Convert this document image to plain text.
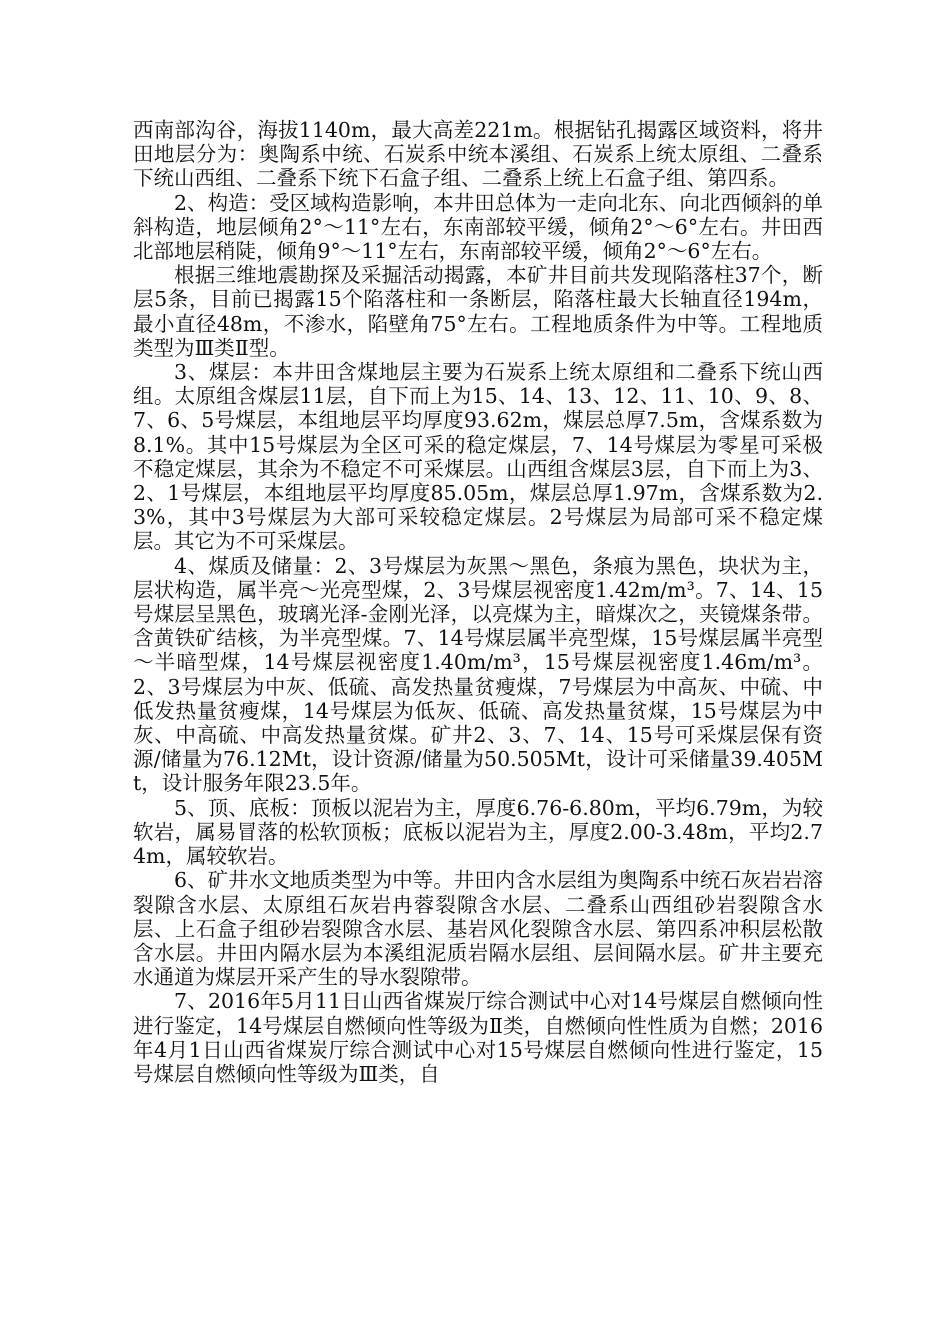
西南部沟谷，海拔1140m，最大高差221m。根据钻孔揭露区域资料，将井田地层分为：奥陶系中统、石炭系中统本溪组、石炭系上统太原组、二叠系下统山西组、二叠系下统下石盒子组、二叠系上统上石盒子组、第四系。

2、构造：受区域构造影响，本井田总体为一走向北东、向北西倾斜的单斜构造，地层倾角2°～11°左右，东南部较平缓，倾角2°～6°左右。井田西北部地层稍陡，倾角9°～11°左右，东南部较平缓，倾角2°～6°左右。

根据三维地震勘探及采掘活动揭露，本矿井目前共发现陷落柱37个，断层5条，目前已揭露15个陷落柱和一条断层，陷落柱最大长轴直径194m，最小直径48m，不渗水，陷壁角75°左右。工程地质条件为中等。工程地质类型为Ⅲ类Ⅱ型。

3、煤层：本井田含煤地层主要为石炭系上统太原组和二叠系下统山西组。太原组含煤层11层，自下而上为15、14、13、12、11、10、9、8、7、6、5号煤层，本组地层平均厚度93.62m，煤层总厚7.5m，含煤系数为8.1%。其中15号煤层为全区可采的稳定煤层，7、14号煤层为零星可采极不稳定煤层，其余为不稳定不可采煤层。山西组含煤层3层，自下而上为3、2、1号煤层，本组地层平均厚度85.05m，煤层总厚1.97m，含煤系数为2.3%，其中3号煤层为大部可采较稳定煤层。2号煤层为局部可采不稳定煤层。其它为不可采煤层。

4、煤质及储量：2、3号煤层为灰黑～黑色，条痕为黑色，块状为主，层状构造，属半亮～光亮型煤，2、3号煤层视密度1.42m/m³。7、14、15号煤层呈黑色，玻璃光泽-金刚光泽，以亮煤为主，暗煤次之，夹镜煤条带。含黄铁矿结核，为半亮型煤。7、14号煤层属半亮型煤，15号煤层属半亮型～半暗型煤，14号煤层视密度1.40m/m³，15号煤层视密度1.46m/m³。2、3号煤层为中灰、低硫、高发热量贫瘦煤，7号煤层为中高灰、中硫、中低发热量贫瘦煤，14号煤层为低灰、低硫、高发热量贫煤，15号煤层为中灰、中高硫、中高发热量贫煤。矿井2、3、7、14、15号可采煤层保有资源/储量为76.12Mt，设计资源/储量为50.505Mt，设计可采储量39.405Mt，设计服务年限23.5年。

5、顶、底板：顶板以泥岩为主，厚度6.76-6.80m，平均6.79m，为较软岩，属易冒落的松软顶板；底板以泥岩为主，厚度2.00-3.48m，平均2.74m，属较软岩。

6、矿井水文地质类型为中等。井田内含水层组为奥陶系中统石灰岩岩溶裂隙含水层、太原组石灰岩冉蓉裂隙含水层、二叠系山西组砂岩裂隙含水层、上石盒子组砂岩裂隙含水层、基岩风化裂隙含水层、第四系冲积层松散含水层。井田内隔水层为本溪组泥质岩隔水层组、层间隔水层。矿井主要充水通道为煤层开采产生的导水裂隙带。

7、2016年5月11日山西省煤炭厅综合测试中心对14号煤层自燃倾向性进行鉴定，14号煤层自燃倾向性等级为Ⅱ类，自燃倾向性性质为自燃；2016年4月1日山西省煤炭厅综合测试中心对15号煤层自燃倾向性进行鉴定，15号煤层自燃倾向性等级为Ⅲ类，自
